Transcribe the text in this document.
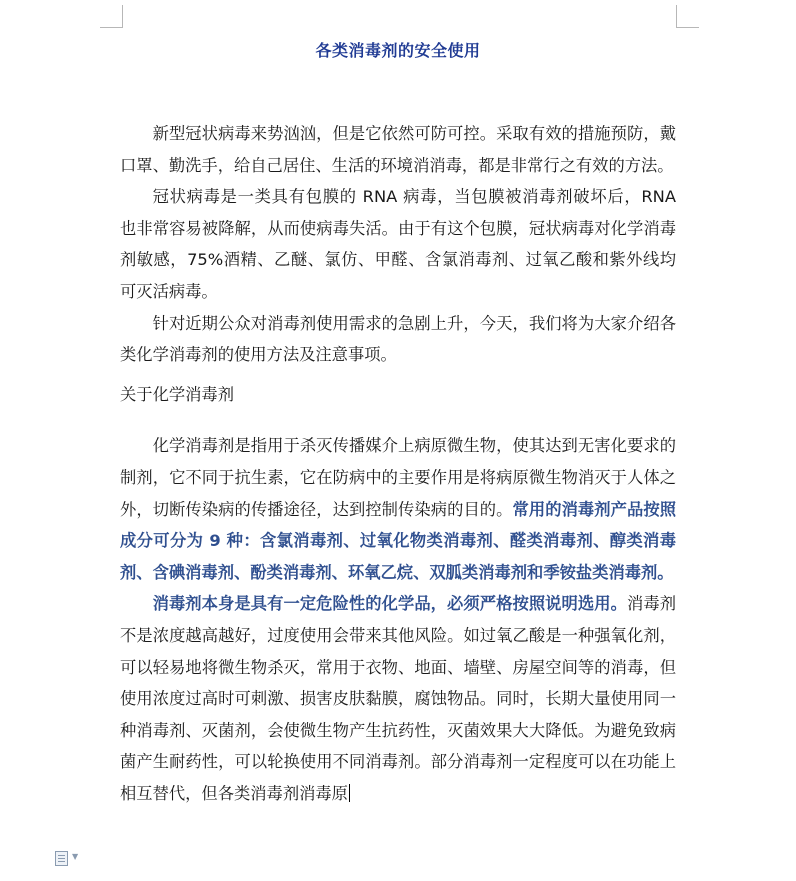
各类消毒剂的安全使用

新型冠状病毒来势汹汹，但是它依然可防可控。采取有效的措施预防，戴口罩、勤洗手，给自己居住、生活的环境消消毒，都是非常行之有效的方法。

冠状病毒是一类具有包膜的 RNA 病毒，当包膜被消毒剂破坏后，RNA 也非常容易被降解，从而使病毒失活。由于有这个包膜，冠状病毒对化学消毒剂敏感，75%酒精、乙醚、氯仿、甲醛、含氯消毒剂、过氧乙酸和紫外线均可灭活病毒。

针对近期公众对消毒剂使用需求的急剧上升，今天，我们将为大家介绍各类化学消毒剂的使用方法及注意事项。

关于化学消毒剂

化学消毒剂是指用于杀灭传播媒介上病原微生物，使其达到无害化要求的制剂，它不同于抗生素，它在防病中的主要作用是将病原微生物消灭于人体之外，切断传染病的传播途径，达到控制传染病的目的。常用的消毒剂产品按照成分可分为 9 种：含氯消毒剂、过氧化物类消毒剂、醛类消毒剂、醇类消毒剂、含碘消毒剂、酚类消毒剂、环氧乙烷、双胍类消毒剂和季铵盐类消毒剂。

消毒剂本身是具有一定危险性的化学品，必须严格按照说明选用。消毒剂不是浓度越高越好，过度使用会带来其他风险。如过氧乙酸是一种强氧化剂，可以轻易地将微生物杀灭，常用于衣物、地面、墙壁、房屋空间等的消毒，但使用浓度过高时可刺激、损害皮肤黏膜，腐蚀物品。同时，长期大量使用同一种消毒剂、灭菌剂，会使微生物产生抗药性，灭菌效果大大降低。为避免致病菌产生耐药性，可以轮换使用不同消毒剂。部分消毒剂一定程度可以在功能上相互替代，但各类消毒剂消毒原

▼
